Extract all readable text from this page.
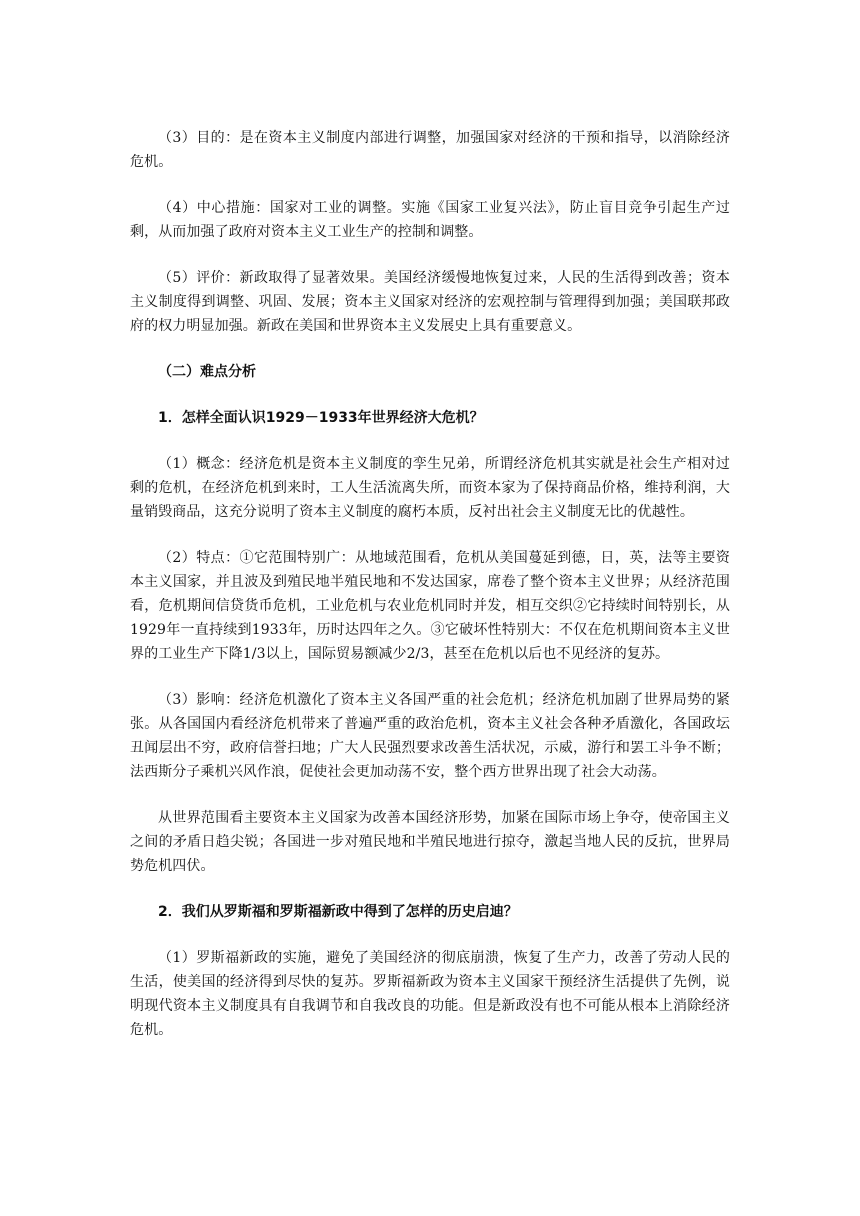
（3）目的：是在资本主义制度内部进行调整，加强国家对经济的干预和指导，以消除经济危机。

（4）中心措施：国家对工业的调整。实施《国家工业复兴法》，防止盲目竞争引起生产过剩，从而加强了政府对资本主义工业生产的控制和调整。

（5）评价：新政取得了显著效果。美国经济缓慢地恢复过来，人民的生活得到改善；资本主义制度得到调整、巩固、发展；资本主义国家对经济的宏观控制与管理得到加强；美国联邦政府的权力明显加强。新政在美国和世界资本主义发展史上具有重要意义。

（二）难点分析

1．怎样全面认识1929－1933年世界经济大危机？

（1）概念：经济危机是资本主义制度的孪生兄弟，所谓经济危机其实就是社会生产相对过剩的危机，在经济危机到来时，工人生活流离失所，而资本家为了保持商品价格，维持利润，大量销毁商品，这充分说明了资本主义制度的腐朽本质，反衬出社会主义制度无比的优越性。

（2）特点：①它范围特别广：从地域范围看，危机从美国蔓延到德，日，英，法等主要资本主义国家，并且波及到殖民地半殖民地和不发达国家，席卷了整个资本主义世界；从经济范围看，危机期间信贷货币危机，工业危机与农业危机同时并发，相互交织②它持续时间特别长，从1929年一直持续到1933年，历时达四年之久。③它破坏性特别大：不仅在危机期间资本主义世界的工业生产下降1/3以上，国际贸易额减少2/3，甚至在危机以后也不见经济的复苏。

（3）影响：经济危机激化了资本主义各国严重的社会危机；经济危机加剧了世界局势的紧张。从各国国内看经济危机带来了普遍严重的政治危机，资本主义社会各种矛盾激化，各国政坛丑闻层出不穷，政府信誉扫地；广大人民强烈要求改善生活状况，示威，游行和罢工斗争不断；法西斯分子乘机兴风作浪，促使社会更加动荡不安，整个西方世界出现了社会大动荡。

从世界范围看主要资本主义国家为改善本国经济形势，加紧在国际市场上争夺，使帝国主义之间的矛盾日趋尖锐；各国进一步对殖民地和半殖民地进行掠夺，激起当地人民的反抗，世界局势危机四伏。

2．我们从罗斯福和罗斯福新政中得到了怎样的历史启迪？

（1）罗斯福新政的实施，避免了美国经济的彻底崩溃，恢复了生产力，改善了劳动人民的生活，使美国的经济得到尽快的复苏。罗斯福新政为资本主义国家干预经济生活提供了先例，说明现代资本主义制度具有自我调节和自我改良的功能。但是新政没有也不可能从根本上消除经济危机。
